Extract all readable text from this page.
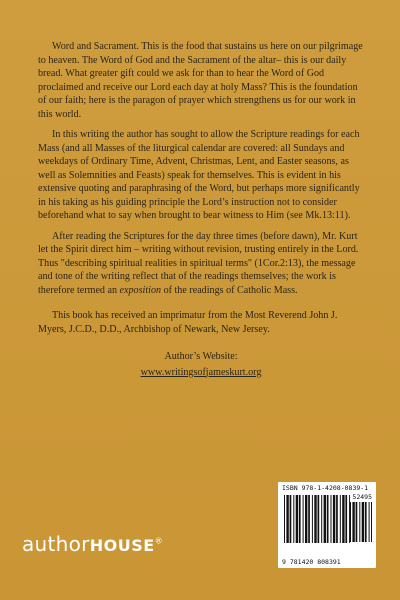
Word and Sacrament. This is the food that sustains us here on our pilgrimage to heaven. The Word of God and the Sacrament of the altar– this is our daily bread. What greater gift could we ask for than to hear the Word of God proclaimed and receive our Lord each day at holy Mass? This is the foundation of our faith; here is the paragon of prayer which strengthens us for our work in this world.

In this writing the author has sought to allow the Scripture readings for each Mass (and all Masses of the liturgical calendar are covered: all Sundays and weekdays of Ordinary Time, Advent, Christmas, Lent, and Easter seasons, as well as Solemnities and Feasts) speak for themselves. This is evident in his extensive quoting and paraphrasing of the Word, but perhaps more significantly in his taking as his guiding principle the Lord’s instruction not to consider beforehand what to say when brought to bear witness to Him (see Mk.13:11).

After reading the Scriptures for the day three times (before dawn), Mr. Kurt let the Spirit direct him – writing without revision, trusting entirely in the Lord. Thus "describing spiritual realities in spiritual terms" (1Cor.2:13), the message and tone of the writing reflect that of the readings themselves; the work is therefore termed an exposition of the readings of Catholic Mass.

This book has received an imprimatur from the Most Reverend John J. Myers, J.C.D., D.D., Archbishop of Newark, New Jersey.

Author’s Website:

www.writingsofjameskurt.org

ISBN 978-1-4208-0839-1
52495
9 781420 808391
authorHOUSE®
